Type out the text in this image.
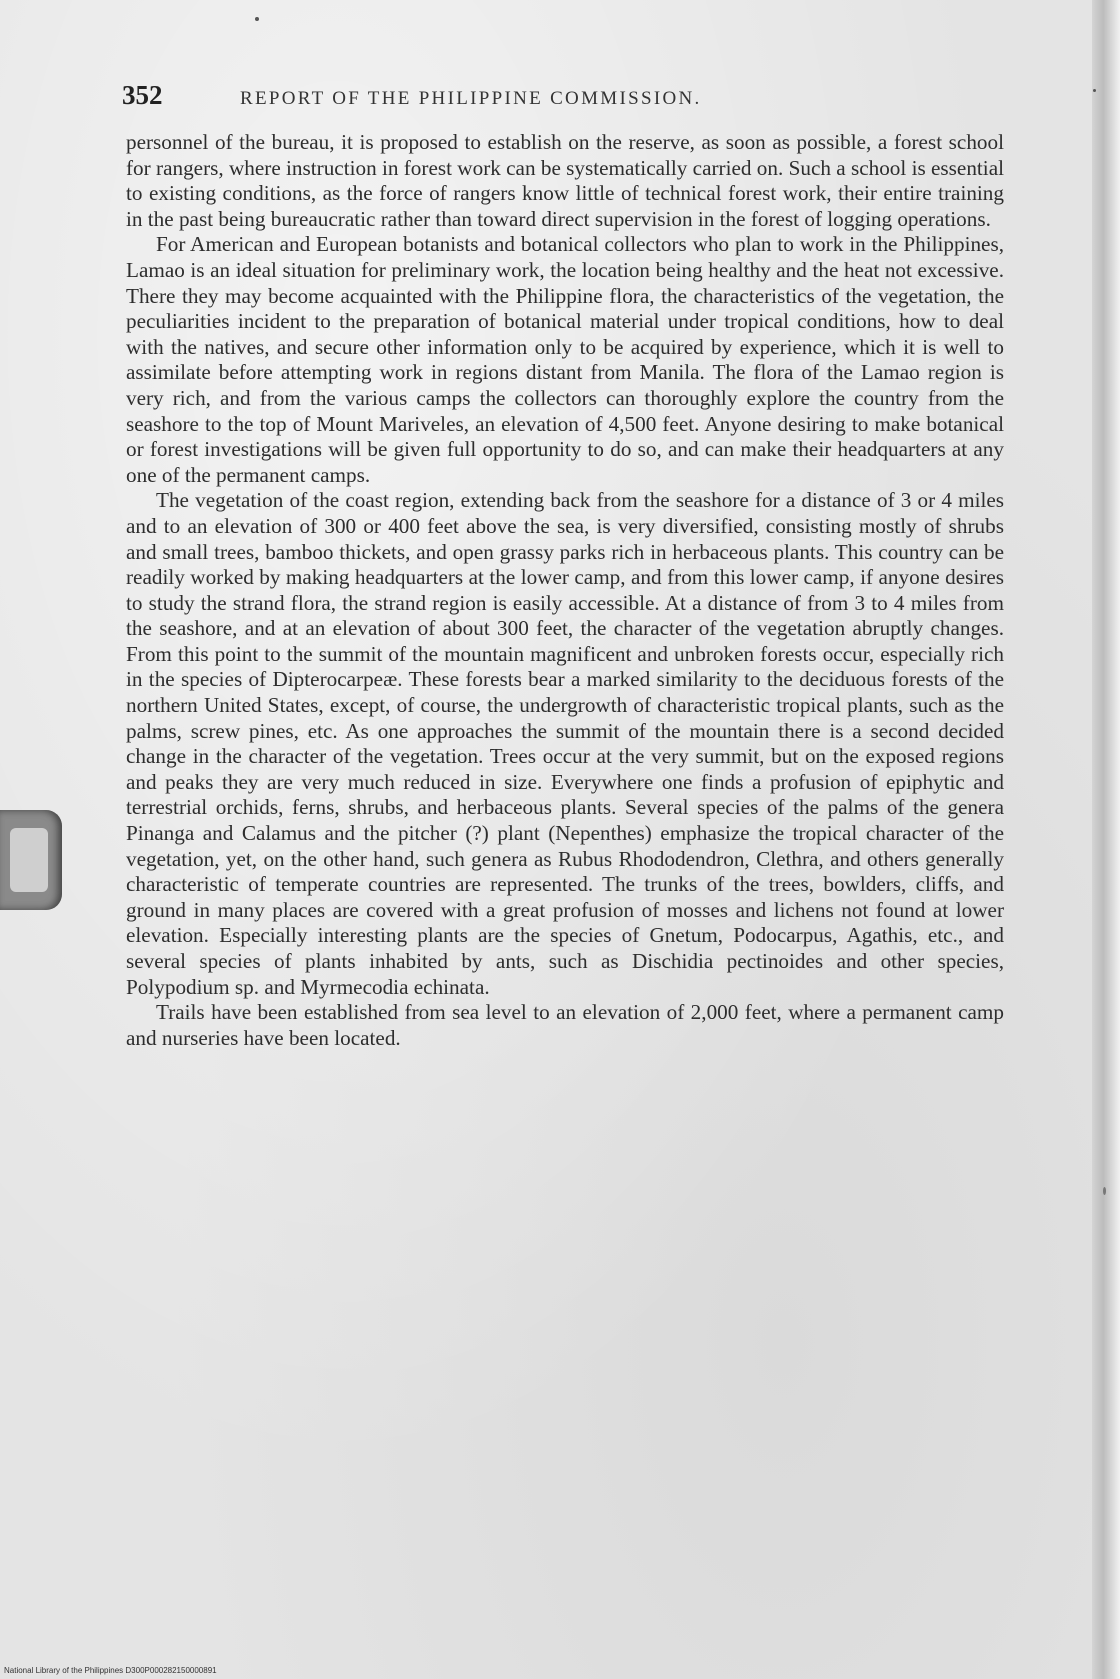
352	REPORT OF THE PHILIPPINE COMMISSION.

personnel of the bureau, it is proposed to establish on the reserve, as soon as possible, a forest school for rangers, where instruction in forest work can be systematically carried on. Such a school is essential to existing conditions, as the force of rangers know little of technical forest work, their entire training in the past being bureaucratic rather than toward direct supervision in the forest of logging operations.

For American and European botanists and botanical collectors who plan to work in the Philippines, Lamao is an ideal situation for preliminary work, the location being healthy and the heat not excessive. There they may become acquainted with the Philippine flora, the characteristics of the vegetation, the peculiarities incident to the preparation of botanical material under tropical conditions, how to deal with the natives, and secure other information only to be acquired by experience, which it is well to assimilate before attempting work in regions distant from Manila. The flora of the Lamao region is very rich, and from the various camps the collectors can thoroughly explore the country from the seashore to the top of Mount Mariveles, an elevation of 4,500 feet. Anyone desiring to make botanical or forest investigations will be given full opportunity to do so, and can make their headquarters at any one of the permanent camps.

The vegetation of the coast region, extending back from the seashore for a distance of 3 or 4 miles and to an elevation of 300 or 400 feet above the sea, is very diversified, consisting mostly of shrubs and small trees, bamboo thickets, and open grassy parks rich in herbaceous plants. This country can be readily worked by making headquarters at the lower camp, and from this lower camp, if anyone desires to study the strand flora, the strand region is easily accessible. At a distance of from 3 to 4 miles from the seashore, and at an elevation of about 300 feet, the character of the vegetation abruptly changes. From this point to the summit of the mountain magnificent and unbroken forests occur, especially rich in the species of Dipterocarpeæ. These forests bear a marked similarity to the deciduous forests of the northern United States, except, of course, the undergrowth of characteristic tropical plants, such as the palms, screw pines, etc. As one approaches the summit of the mountain there is a second decided change in the character of the vegetation. Trees occur at the very summit, but on the exposed regions and peaks they are very much reduced in size. Everywhere one finds a profusion of epiphytic and terrestrial orchids, ferns, shrubs, and herbaceous plants. Several species of the palms of the genera Pinanga and Calamus and the pitcher (?) plant (Nepenthes) emphasize the tropical character of the vegetation, yet, on the other hand, such genera as Rubus Rhododendron, Clethra, and others generally characteristic of temperate countries are represented. The trunks of the trees, bowlders, cliffs, and ground in many places are covered with a great profusion of mosses and lichens not found at lower elevation. Especially interesting plants are the species of Gnetum, Podocarpus, Agathis, etc., and several species of plants inhabited by ants, such as Dischidia pectinoides and other species, Polypodium sp. and Myrmecodia echinata.

Trails have been established from sea level to an elevation of 2,000 feet, where a permanent camp and nurseries have been located.

National Library of the Philippines D300P000282150000891
